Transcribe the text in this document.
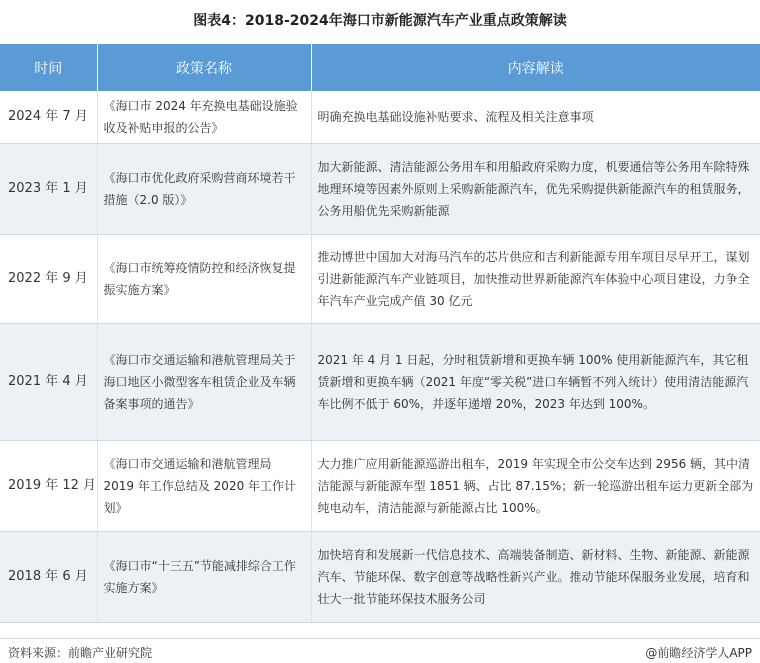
图表4：2018-2024年海口市新能源汽车产业重点政策解读
时间	政策名称	内容解读
2024 年 7 月	《海口市 2024 年充换电基础设施验收及补贴申报的公告》	明确充换电基础设施补贴要求、流程及相关注意事项
2023 年 1 月	《海口市优化政府采购营商环境若干措施（2.0 版）》	加大新能源、清洁能源公务用车和用船政府采购力度，机要通信等公务用车除特殊地理环境等因素外原则上采购新能源汽车，优先采购提供新能源汽车的租赁服务，公务用船优先采购新能源
2022 年 9 月	《海口市统筹疫情防控和经济恢复提振实施方案》	推动博世中国加大对海马汽车的芯片供应和吉利新能源专用车项目尽早开工，谋划引进新能源汽车产业链项目，加快推动世界新能源汽车体验中心项目建设，力争全年汽车产业完成产值 30 亿元
2021 年 4 月	《海口市交通运输和港航管理局关于海口地区小微型客车租赁企业及车辆备案事项的通告》	2021 年 4 月 1 日起，分时租赁新增和更换车辆 100% 使用新能源汽车，其它租赁新增和更换车辆（2021 年度“零关税”进口车辆暂不列入统计）使用清洁能源汽车比例不低于 60%，并逐年递增 20%，2023 年达到 100%。
2019 年 12 月	《海口市交通运输和港航管理局 2019 年工作总结及 2020 年工作计划》	大力推广应用新能源巡游出租车，2019 年实现全市公交车达到 2956 辆，其中清洁能源与新能源车型 1851 辆、占比 87.15%；新一轮巡游出租车运力更新全部为纯电动车，清洁能源与新能源占比 100%。
2018 年 6 月	《海口市“十三五”节能减排综合工作实施方案》	加快培育和发展新一代信息技术、高端装备制造、新材料、生物、新能源、新能源汽车、节能环保、数字创意等战略性新兴产业。推动节能环保服务业发展，培育和壮大一批节能环保技术服务公司
资料来源：前瞻产业研究院	@前瞻经济学人APP
